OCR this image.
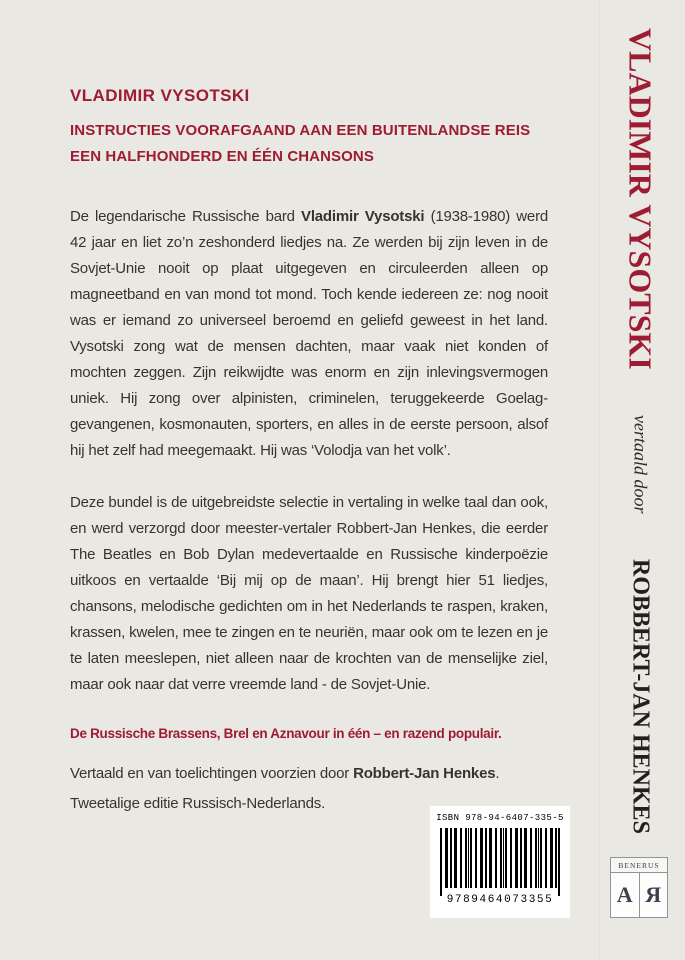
VLADIMIR VYSOTSKI
INSTRUCTIES VOORAFGAAND AAN EEN BUITENLANDSE REIS
EEN HALFHONDERD EN ÉÉN CHANSONS

De legendarische Russische bard Vladimir Vysotski (1938-1980) werd 42 jaar en liet zo’n zeshonderd liedjes na. Ze werden bij zijn leven in de Sovjet-Unie nooit op plaat uitgegeven en circuleerden alleen op magneetband en van mond tot mond. Toch kende iedereen ze: nog nooit was er iemand zo universeel beroemd en geliefd geweest in het land. Vysotski zong wat de mensen dachten, maar vaak niet konden of mochten zeggen. Zijn reikwijdte was enorm en zijn inlevingsvermogen uniek. Hij zong over alpinisten, criminelen, teruggekeerde Goelag-gevangenen, kosmonauten, sporters, en alles in de eerste persoon, alsof hij het zelf had meegemaakt. Hij was ‘Volodja van het volk’.

Deze bundel is de uitgebreidste selectie in vertaling in welke taal dan ook, en werd verzorgd door meester-vertaler Robbert-Jan Henkes, die eerder The Beatles en Bob Dylan medevertaalde en Russische kinderpoëzie uitkoos en vertaalde ‘Bij mij op de maan’. Hij brengt hier 51 liedjes, chansons, melodische gedichten om in het Nederlands te raspen, kraken, krassen, kwelen, mee te zingen en te neuriën, maar ook om te lezen en je te laten meeslepen, niet alleen naar de krochten van de menselijke ziel, maar ook naar dat verre vreemde land - de Sovjet-Unie.

De Russische Brassens, Brel en Aznavour in één – en razend populair.
Vertaald en van toelichtingen voorzien door Robbert-Jan Henkes.
Tweetalige editie Russisch-Nederlands.
ISBN 978-94-6407-335-5
9789464073355
VLADIMIR VYSOTSKI
vertaald door
ROBBERT-JAN HENKES
BENERUS
A Я
